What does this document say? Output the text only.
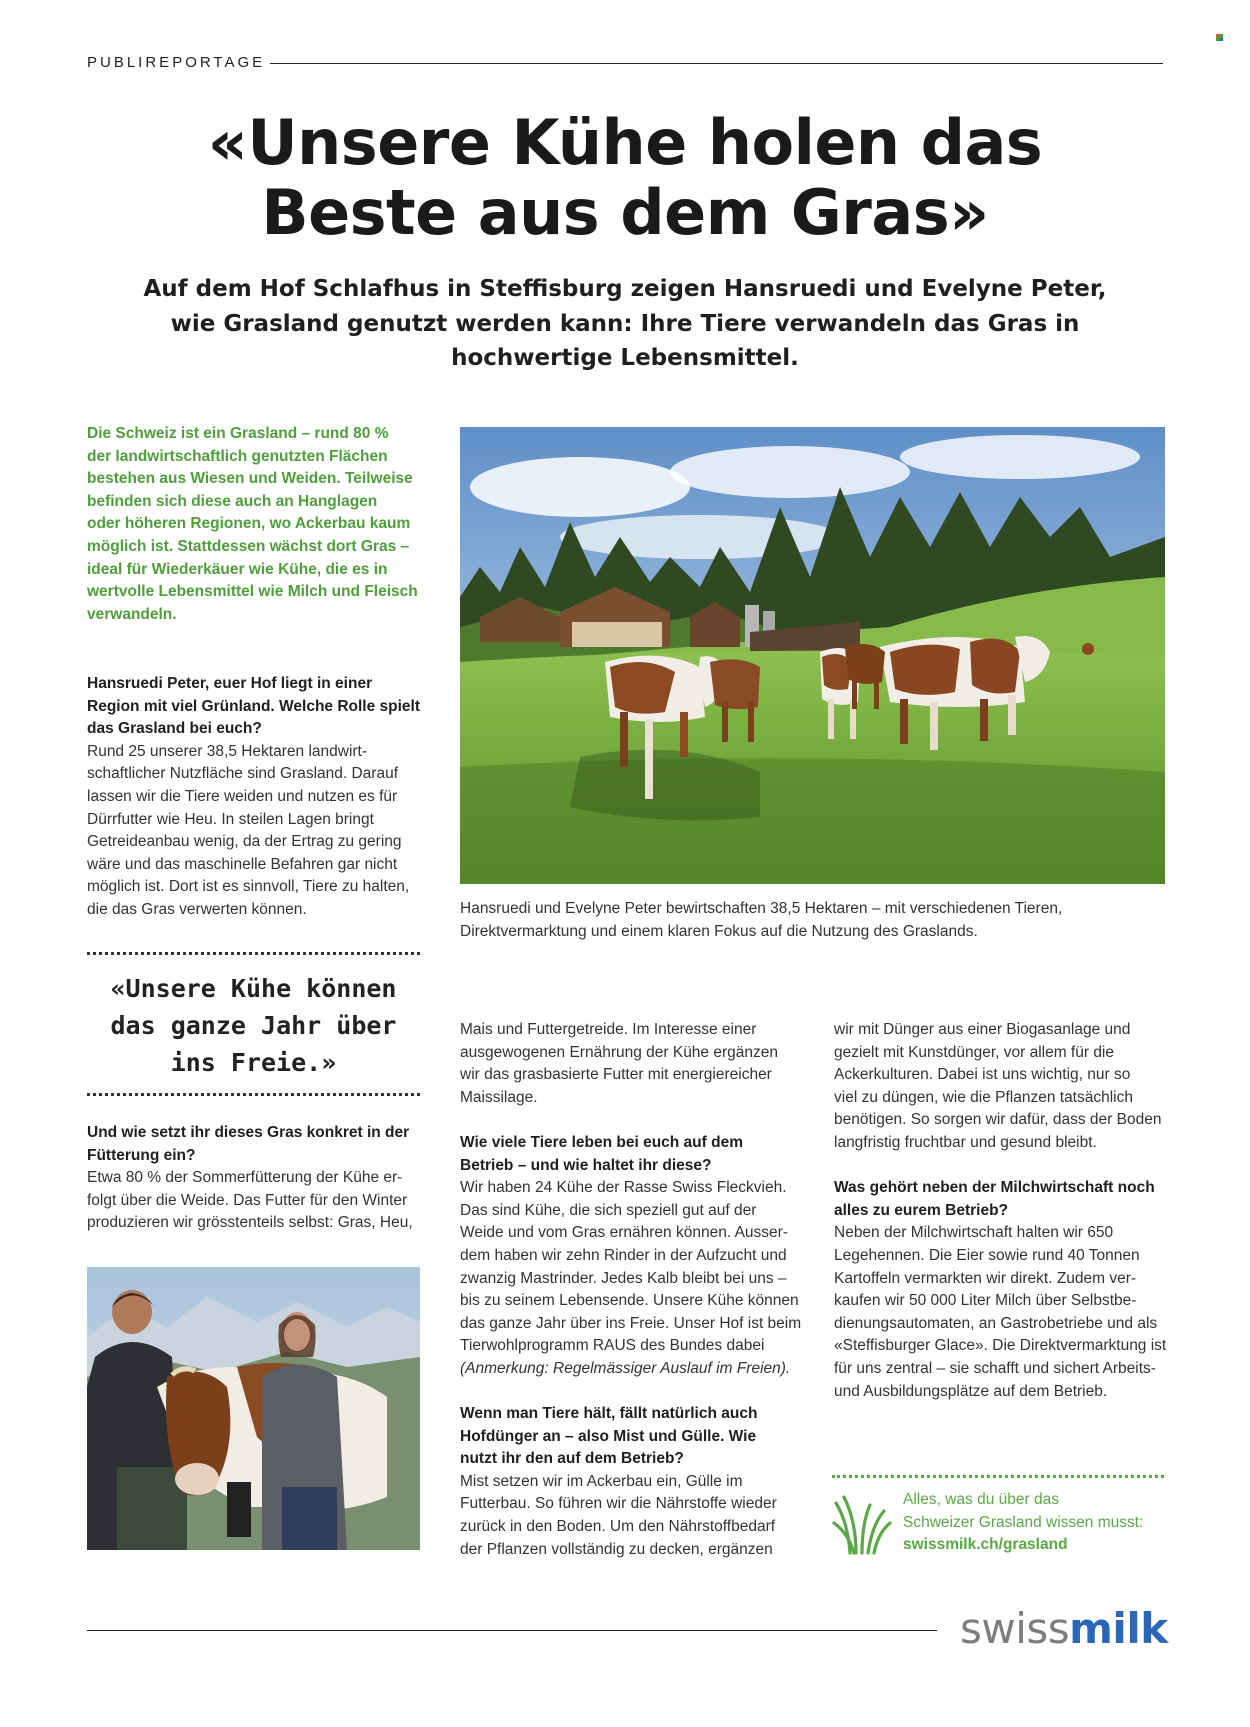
PUBLIREPORTAGE
«Unsere Kühe holen das
Beste aus dem Gras»
Auf dem Hof Schlafhus in Steffisburg zeigen Hansruedi und Evelyne Peter,
wie Grasland genutzt werden kann: Ihre Tiere verwandeln das Gras in
hochwertige Lebensmittel.
Die Schweiz ist ein Grasland – rund 80 %
der landwirtschaftlich genutzten Flächen
bestehen aus Wiesen und Weiden. Teilweise
befinden sich diese auch an Hanglagen
oder höheren Regionen, wo Ackerbau kaum
möglich ist. Stattdessen wächst dort Gras –
ideal für Wiederkäuer wie Kühe, die es in
wertvolle Lebensmittel wie Milch und Fleisch
verwandeln.
Hansruedi Peter, euer Hof liegt in einer
Region mit viel Grünland. Welche Rolle spielt
das Grasland bei euch?
Rund 25 unserer 38,5 Hektaren landwirt-
schaftlicher Nutzfläche sind Grasland. Darauf
lassen wir die Tiere weiden und nutzen es für
Dürrfutter wie Heu. In steilen Lagen bringt
Getreideanbau wenig, da der Ertrag zu gering
wäre und das maschinelle Befahren gar nicht
möglich ist. Dort ist es sinnvoll, Tiere zu halten,
die das Gras verwerten können.
«Unsere Kühe können
das ganze Jahr über
ins Freie.»
Und wie setzt ihr dieses Gras konkret in der
Fütterung ein?
Etwa 80 % der Sommerfütterung der Kühe er-
folgt über die Weide. Das Futter für den Winter
produzieren wir grösstenteils selbst: Gras, Heu,
Hansruedi und Evelyne Peter bewirtschaften 38,5 Hektaren – mit verschiedenen Tieren,
Direktvermarktung und einem klaren Fokus auf die Nutzung des Graslands.
Mais und Futtergetreide. Im Interesse einer
ausgewogenen Ernährung der Kühe ergänzen
wir das grasbasierte Futter mit energiereicher
Maissilage.
Wie viele Tiere leben bei euch auf dem
Betrieb – und wie haltet ihr diese?
Wir haben 24 Kühe der Rasse Swiss Fleckvieh.
Das sind Kühe, die sich speziell gut auf der
Weide und vom Gras ernähren können. Ausser-
dem haben wir zehn Rinder in der Aufzucht und
zwanzig Mastrinder. Jedes Kalb bleibt bei uns –
bis zu seinem Lebensende. Unsere Kühe können
das ganze Jahr über ins Freie. Unser Hof ist beim
Tierwohlprogramm RAUS des Bundes dabei
(Anmerkung: Regelmässiger Auslauf im Freien).
Wenn man Tiere hält, fällt natürlich auch
Hofdünger an – also Mist und Gülle. Wie
nutzt ihr den auf dem Betrieb?
Mist setzen wir im Ackerbau ein, Gülle im
Futterbau. So führen wir die Nährstoffe wieder
zurück in den Boden. Um den Nährstoffbedarf
der Pflanzen vollständig zu decken, ergänzen
wir mit Dünger aus einer Biogasanlage und
gezielt mit Kunstdünger, vor allem für die
Ackerkulturen. Dabei ist uns wichtig, nur so
viel zu düngen, wie die Pflanzen tatsächlich
benötigen. So sorgen wir dafür, dass der Boden
langfristig fruchtbar und gesund bleibt.
Was gehört neben der Milchwirtschaft noch
alles zu eurem Betrieb?
Neben der Milchwirtschaft halten wir 650
Legehennen. Die Eier sowie rund 40 Tonnen
Kartoffeln vermarkten wir direkt. Zudem ver-
kaufen wir 50 000 Liter Milch über Selbstbe-
dienungsautomaten, an Gastrobetriebe und als
«Steffisburger Glace». Die Direktvermarktung ist
für uns zentral – sie schafft und sichert Arbeits-
und Ausbildungsplätze auf dem Betrieb.
Alles, was du über das
Schweizer Grasland wissen musst:
swissmilk.ch/grasland
swissmilk
